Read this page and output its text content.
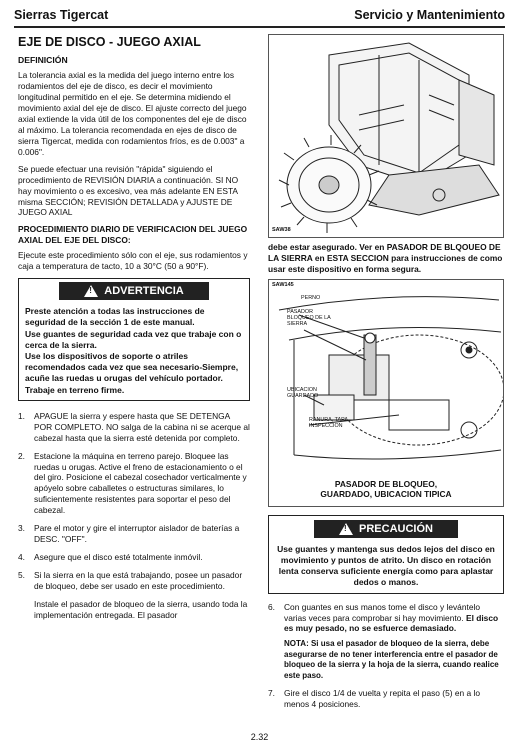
Sierras Tigercat	Servicio y Mantenimiento
EJE DE DISCO - JUEGO AXIAL
DEFINICIÓN

La tolerancia axial es la medida del juego interno entre los rodamientos del eje de disco, es decir el movimiento longitudinal permitido en el eje. Se determina midiendo el movimiento axial del eje de disco. El ajuste correcto del juego axial extiende la vida útil de los componentes del eje de disco al máximo. La tolerancia recomendada en ejes de disco de sierra Tigercat, medida con rodamientos fríos, es de 0.003" a 0.006".

Se puede efectuar una revisión "rápida" siguiendo el procedimiento de REVISIÓN DIARIA a continuación. SI NO hay movimiento o es excesivo, vea más adelante EN ESTA misma SECCIÓN; REVISIÓN DETALLADA y AJUSTE DE JUEGO AXIAL

PROCEDIMIENTO DIARIO DE VERIFICACION DEL JUEGO AXIAL DEL EJE DEL DISCO:

Ejecute este procedimiento sólo con el eje, sus rodamientos y caja a temperatura de tacto, 10 a 30°C (50 a 90°F).

! ADVERTENCIA
Preste atención a todas las instrucciones de seguridad de la sección 1 de este manual.
Use guantes de seguridad cada vez que trabaje con o cerca de la sierra.
Use los dispositivos de soporte o atriles recomendados cada vez que sea necesario-Siempre, acuñe las ruedas u orugas del vehículo portador.
Trabaje en terreno firme.
1.	APAGUE la sierra y espere hasta que SE DETENGA POR COMPLETO. NO salga de la cabina ni se acerque al cabezal hasta que la sierra esté detenida por completo.
2.	Estacione la máquina en terreno parejo. Bloquee las ruedas u orugas. Active el freno de estacionamiento o el del giro. Posicione el cabezal cosechador verticalmente y apóyelo sobre caballetes o estructuras similares, lo suficientemente resistentes para soportar el peso del cabezal.
3.	Pare el motor y gire el interruptor aislador de baterías a DESC. "OFF".
4.	Asegure que el disco esté totalmente inmóvil.
5.	Si la sierra en la que está trabajando, posee un pasador de bloqueo, debe ser usado en este procedimiento.
Instale el pasador de bloqueo de la sierra, usando toda la implementación entregada. El pasador
SAW38
debe estar asegurado. Ver en PASADOR DE BLQOUEO DE LA SIERRA en ESTA SECCION para instrucciones de como usar este dispositivo en forma segura.
SAW145
PERNO
PASADOR BLOQUEO DE LA SIERRA
UBICACION GUARDADO
RANURA, TAPA INSPECCION
PASADOR DE BLOQUEO,
GUARDADO, UBICACION TIPICA
! PRECAUCIÓN
Use guantes y mantenga sus dedos lejos del disco en movimiento y puntos de atrito. Un disco en rotación lenta conserva suficiente energía como para aplastar dedos o manos.
6.	Con guantes en sus manos tome el disco y levántelo varias veces para comprobar si hay movimiento. El disco es muy pesado, no se esfuerce demasiado.
NOTA: Si usa el pasador de bloqueo de la sierra, debe asegurarse de no tener interferencia entre el pasador de bloqueo de la sierra y la hoja de la sierra, cuando realice este paso.
7.	Gire el disco 1/4 de vuelta y repita el paso (5) en a lo menos 4 posiciones.
2.32
